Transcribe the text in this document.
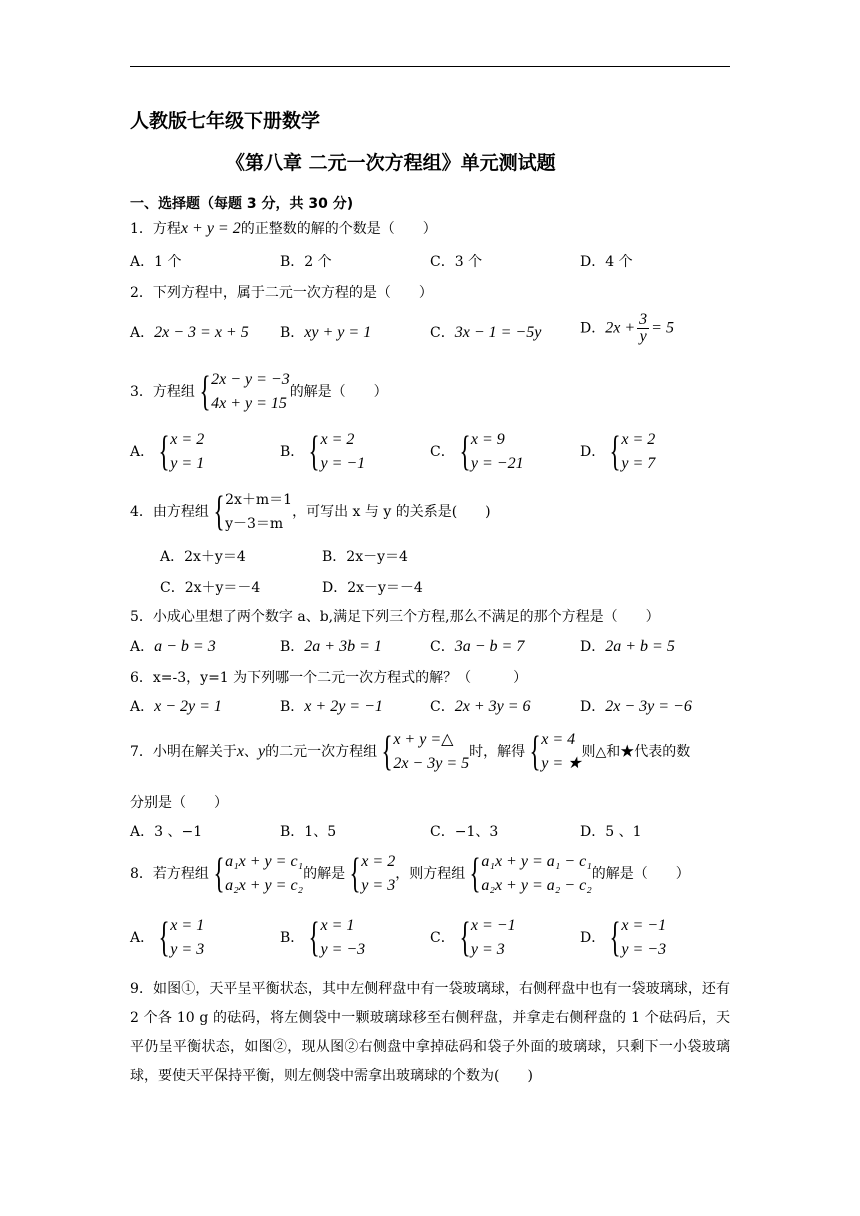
人教版七年级下册数学
《第八章 二元一次方程组》单元测试题
一、选择题（每题 3 分，共 30 分)
1．方程x + y = 2的正整数的解的个数是（　　）
A．1 个	B．2 个	C．3 个	D．4 个
2．下列方程中，属于二元一次方程的是（　　）
A．2x − 3 = x + 5 B．xy + y = 1	C．3x − 1 = −5y	D．$2x + \frac{3}{y} = 5$
3．方程组 { 2x − y = −3
4x + y = 15
的解是（　　）
A． { x = 2
y = 1
B． { x = 2
y = −1
C． { x = 9
y = −21
D． { x = 2
y = 7
4．由方程组 { 2x＋m＝1
y－3＝m
，可写出 x 与 y 的关系是(　　)
A．2x＋y＝4	B．2x－y＝4
C．2x＋y＝－4	D．2x－y＝－4
5．小成心里想了两个数字 a、b,满足下列三个方程,那么不满足的那个方程是（　　）
A．a − b = 3	B．2a + 3b = 1	C．3a − b = 7	D．2a + b = 5
6．x=-3，y=1 为下列哪一个二元一次方程式的解？（　　　）
A．x − 2y = 1	B．x + 2y = −1	C．2x + 3y = 6	D．2x − 3y = −6
7．小明在解关于x、y的二元一次方程组 { x + y =△
2x − 3y = 5
时，解得 { x = 4
y = ★
则△和★代表的数
分别是（　　）
A．3 、−1	B．1、5	C．−1、3	D．5 、1
8．若方程组 { a₁x + y = c₁
a₂x + y = c₂
的解是 { x = 2
y = 3
，则方程组 { a₁x + y = a₁ − c₁
a₂x + y = a₂ − c₂
的解是（　　）
A． { x = 1
y = 3
B． { x = 1
y = −3
C． { x = −1
y = 3
D． { x = −1
y = −3
9．如图①，天平呈平衡状态，其中左侧秤盘中有一袋玻璃球，右侧秤盘中也有一袋玻璃球，还有 2 个各 10 g 的砝码，将左侧袋中一颗玻璃球移至右侧秤盘，并拿走右侧秤盘的 1 个砝码后，天平仍呈平衡状态，如图②，现从图②右侧盘中拿掉砝码和袋子外面的玻璃球，只剩下一小袋玻璃球，要使天平保持平衡，则左侧袋中需拿出玻璃球的个数为(　　)
